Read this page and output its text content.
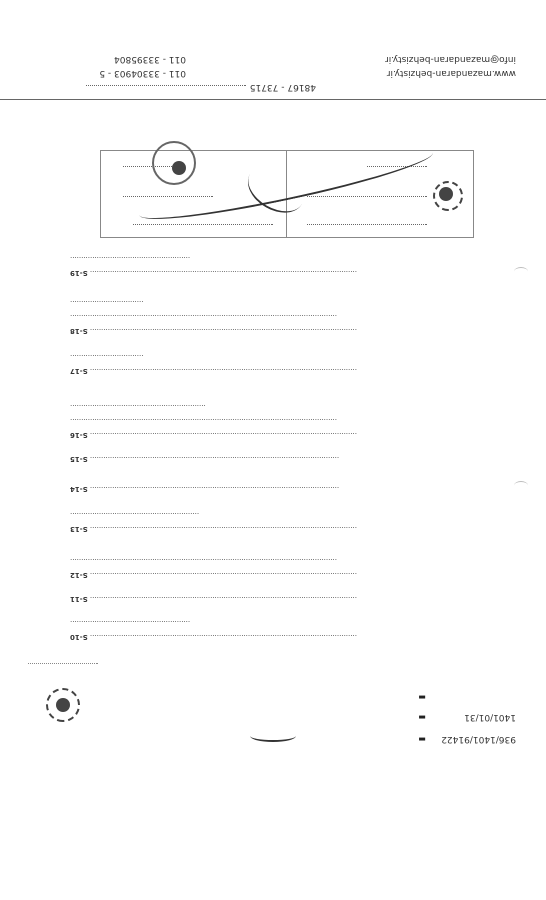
936/1401/91422
1401/01/31
▬
▬
▬
S-10 ........................................................................................................................
......................................................
S-11 ........................................................................................................................
S-12 ........................................................................................................................
........................................................................................................................
S-13 ........................................................................................................................
..........................................................
S-14 ................................................................................................................
S-15 ................................................................................................................
S-16 ........................................................................................................................
........................................................................................................................
.............................................................
S-17 ........................................................................................................................
.................................
S-18 ........................................................................................................................
........................................................................................................................
.................................
S-19 ........................................................................................................................
......................................................
48167 - 73715
www.mazandaran-behzisty.ir
info@mazandaran-behzisty.ir
011 - 33304903 - 5
011 - 33395804
